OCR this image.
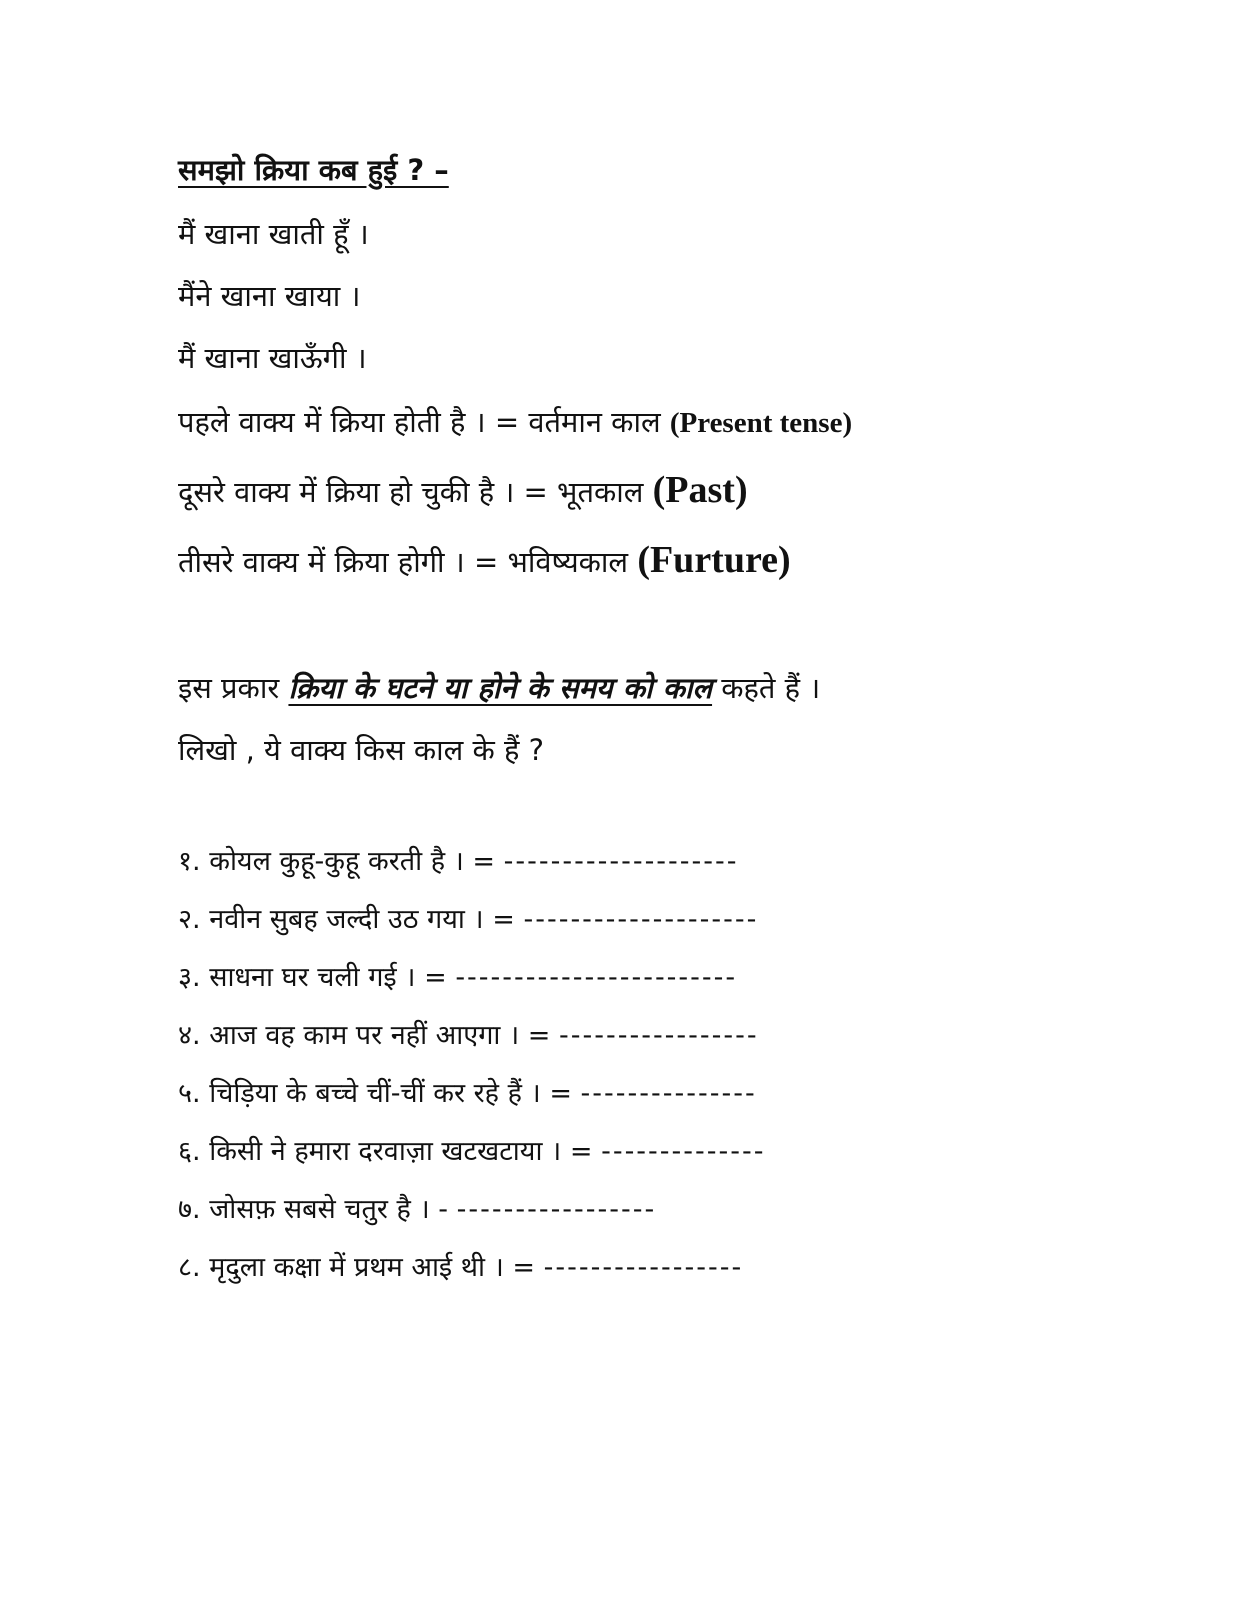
समझो क्रिया कब हुई ? –
मैं खाना खाती हूँ ।
मैंने खाना खाया ।
मैं खाना खाऊँगी ।
पहले वाक्य में क्रिया होती है । = वर्तमान काल (Present tense)
दूसरे वाक्य में क्रिया हो चुकी है । = भूतकाल (Past)
तीसरे वाक्य में क्रिया होगी । = भविष्यकाल (Furture)
इस प्रकार क्रिया के घटने या होने के समय को काल कहते हैं ।
लिखो , ये वाक्य किस काल के हैं ?
१. कोयल कुहू-कुहू करती है । = --------------------
२. नवीन सुबह जल्दी उठ गया । = --------------------
३. साधना घर चली गई । = ------------------------
४. आज वह काम पर नहीं आएगा । = -----------------
५. चिड़िया के बच्चे चीं-चीं कर रहे हैं । = ---------------
६. किसी ने हमारा दरवाज़ा खटखटाया । = --------------
७. जोसफ़ सबसे चतुर है । - -----------------
८. मृदुला कक्षा में प्रथम आई थी । = -----------------
